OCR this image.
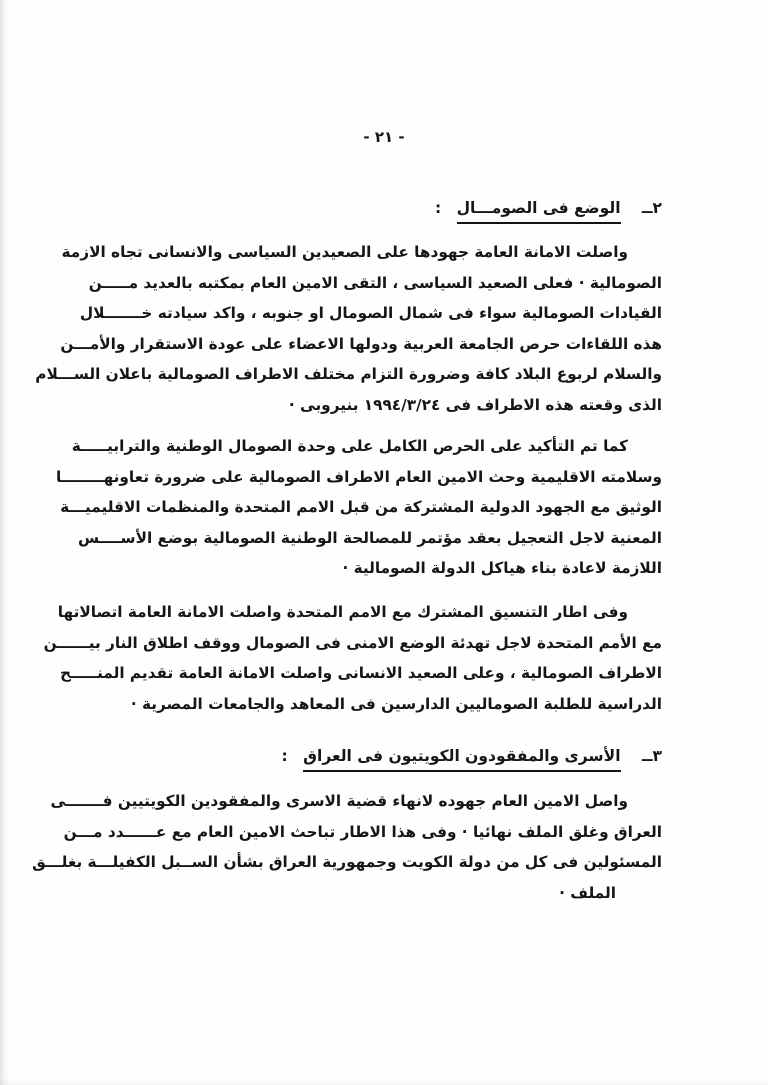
- ٢١ -
٢ــ الوضع فى الصومـــال :
واصلت الامانة العامة جهودها على الصعيدين السياسى والانسانى تجاه الازمة
الصومالية · فعلى الصعيد السياسى ، التقى الامين العام بمكتبه بالعديد مـــــن
القيادات الصومالية سواء فى شمال الصومال او جنوبه ، واكد سيادته خـــــــلال
هذه اللقاءات حرص الجامعة العربية ودولها الاعضاء على عودة الاستقرار والأمـــن
والسلام لربوع البلاد كافة وضرورة التزام مختلف الاطراف الصومالية باعلان الســـلام
الذى وقعته هذه الاطراف فى ١٩٩٤/٣/٢٤ بنيروبى ·
كما تم التأكيد على الحرص الكامل على وحدة الصومال الوطنية والترابيـــــة
وسلامته الاقليمية وحث الامين العام الاطراف الصومالية على ضرورة تعاونهــــــــا
الوثيق مع الجهود الدولية المشتركة من قبل الامم المتحدة والمنظمات الاقليميـــة
المعنية لاجل التعجيل بعقد مؤتمر للمصالحة الوطنية الصومالية بوضع الأســــس
اللازمة لاعادة بناء هياكل الدولة الصومالية ·
وفى اطار التنسيق المشترك مع الامم المتحدة واصلت الامانة العامة اتصالاتها
مع الأمم المتحدة لاجل تهدئة الوضع الامنى فى الصومال ووقف اطلاق النار بيــــــن
الاطراف الصومالية ، وعلى الصعيد الانسانى واصلت الامانة العامة تقديم المنـــــح
الدراسية للطلبة الصوماليين الدارسين فى المعاهد والجامعات المصرية ·
٣ــ الأسرى والمفقودون الكويتيون فى العراق :
واصل الامين العام جهوده لانهاء قضية الاسرى والمفقودين الكويتيين فـــــــى
العراق وغلق الملف نهائيا · وفى هذا الاطار تباحث الامين العام مع عــــــدد مـــن
المسئولين فى كل من دولة الكويت وجمهورية العراق بشأن الســبل الكفيلـــة بغلـــق
الملف ·
